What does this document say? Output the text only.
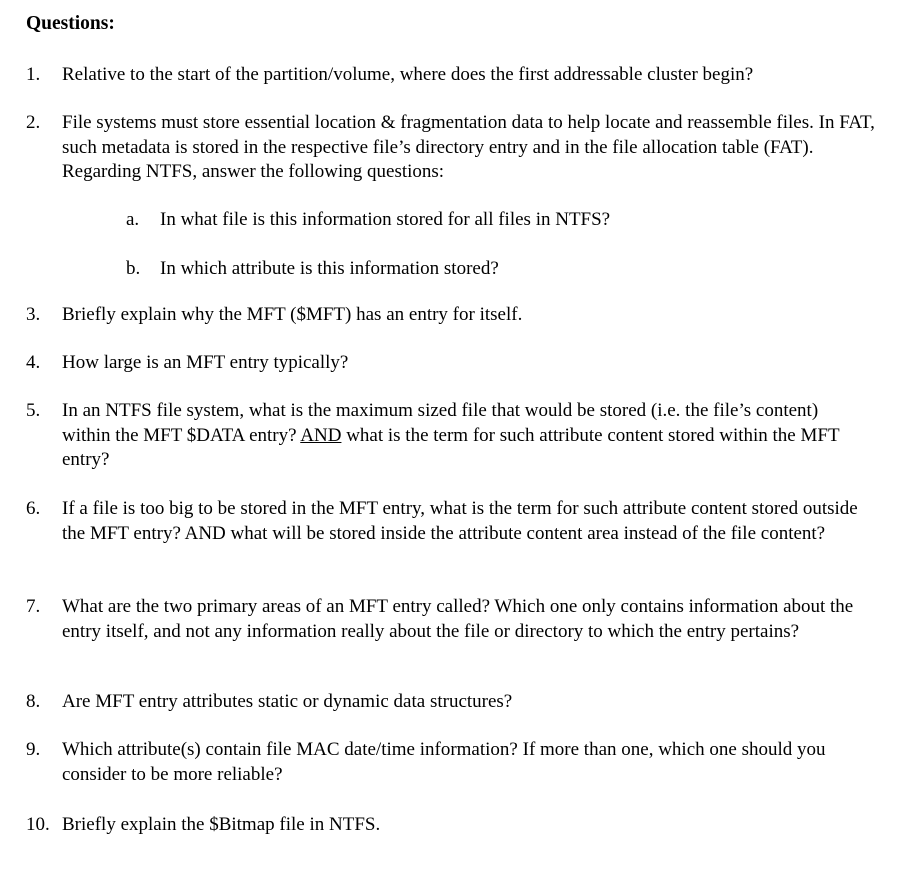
Questions:
1.	Relative to the start of the partition/volume, where does the first addressable cluster begin?
2.	File systems must store essential location & fragmentation data to help locate and reassemble files. In FAT, such metadata is stored in the respective file’s directory entry and in the file allocation table (FAT). Regarding NTFS, answer the following questions:
a.	In what file is this information stored for all files in NTFS?
b.	In which attribute is this information stored?
3.	Briefly explain why the MFT ($MFT) has an entry for itself.
4.	How large is an MFT entry typically?
5.	In an NTFS file system, what is the maximum sized file that would be stored (i.e. the file’s content) within the MFT $DATA entry? AND what is the term for such attribute content stored within the MFT entry?
6.	If a file is too big to be stored in the MFT entry, what is the term for such attribute content stored outside the MFT entry? AND what will be stored inside the attribute content area instead of the file content?
7.	What are the two primary areas of an MFT entry called? Which one only contains information about the entry itself, and not any information really about the file or directory to which the entry pertains?
8.	Are MFT entry attributes static or dynamic data structures?
9.	Which attribute(s) contain file MAC date/time information? If more than one, which one should you consider to be more reliable?
10. Briefly explain the $Bitmap file in NTFS.
